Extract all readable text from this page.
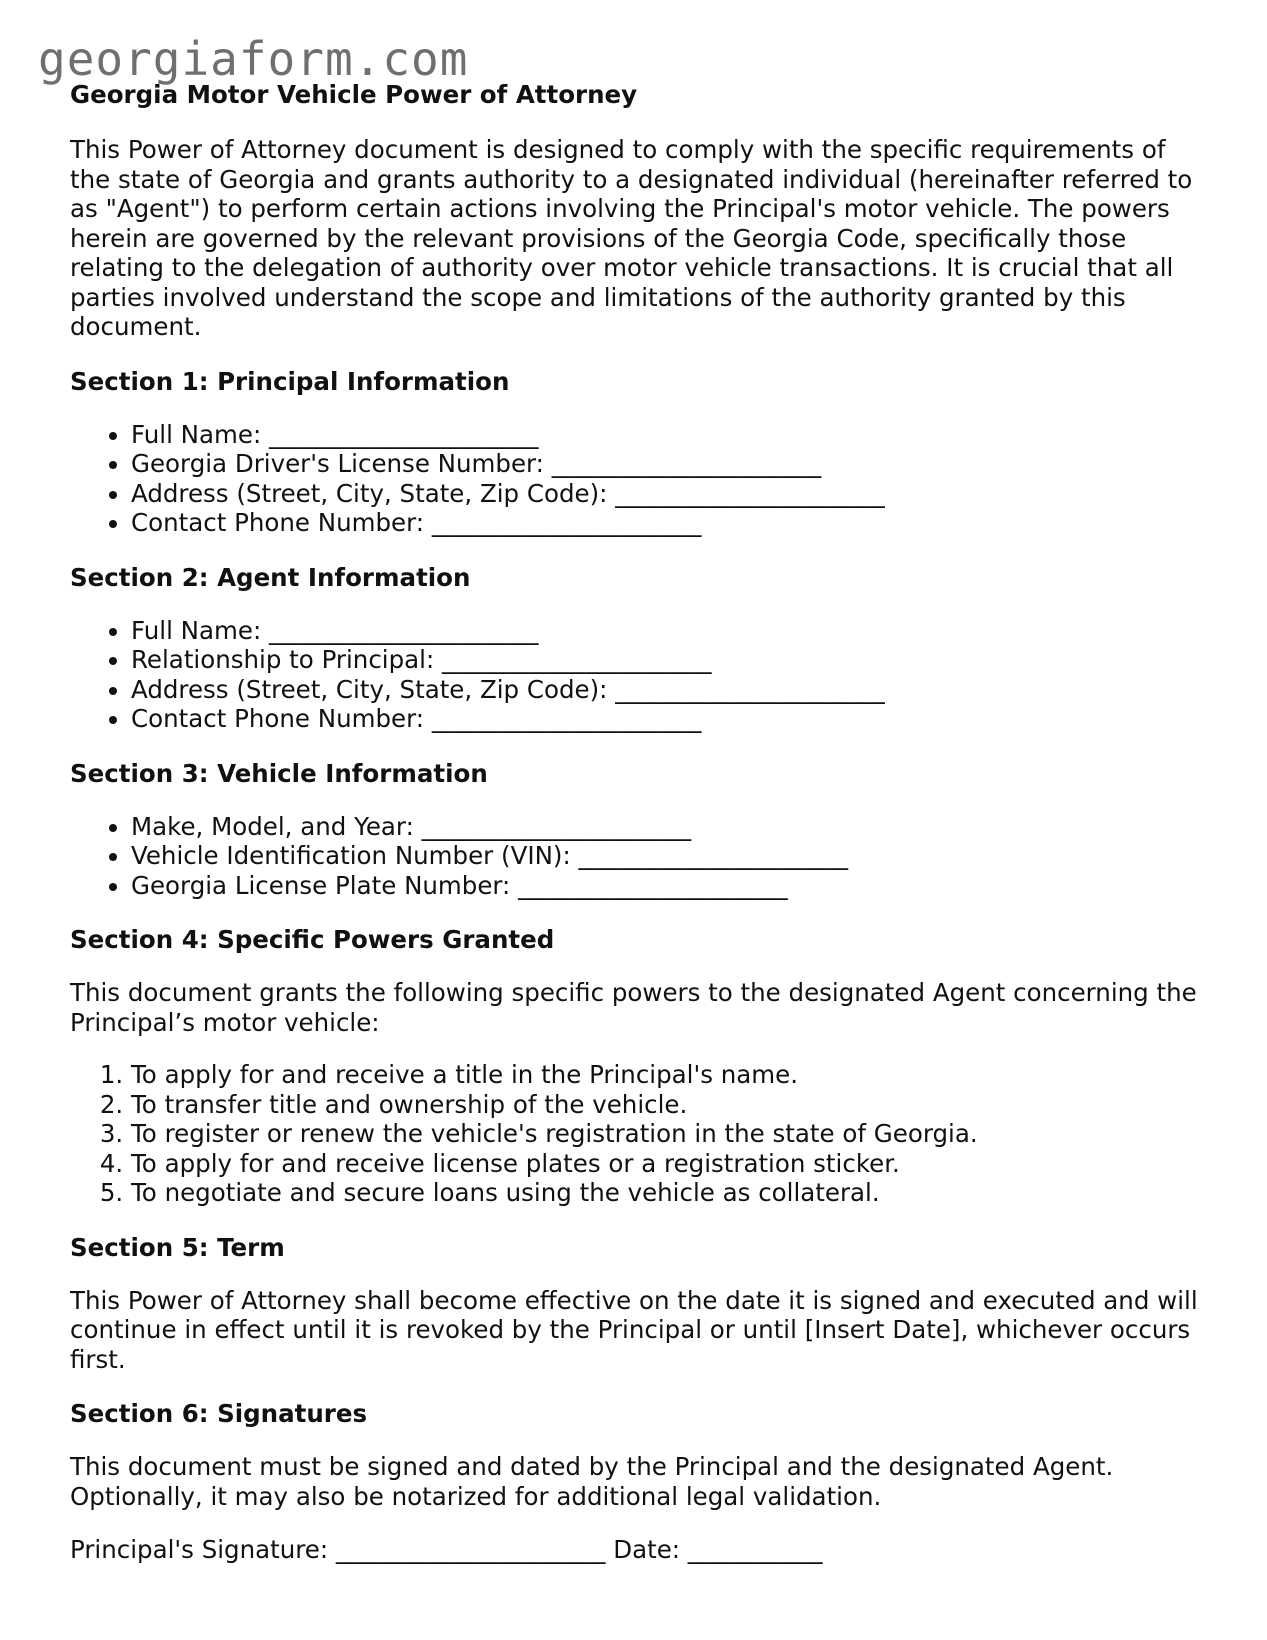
georgiaform.com
Georgia Motor Vehicle Power of Attorney

This Power of Attorney document is designed to comply with the specific requirements of the state of Georgia and grants authority to a designated individual (hereinafter referred to as "Agent") to perform certain actions involving the Principal's motor vehicle. The powers herein are governed by the relevant provisions of the Georgia Code, specifically those relating to the delegation of authority over motor vehicle transactions. It is crucial that all parties involved understand the scope and limitations of the authority granted by this document.

Section 1: Principal Information
• Full Name: ______________________
• Georgia Driver's License Number: ______________________
• Address (Street, City, State, Zip Code): ______________________
• Contact Phone Number: ______________________
Section 2: Agent Information
• Full Name: ______________________
• Relationship to Principal: ______________________
• Address (Street, City, State, Zip Code): ______________________
• Contact Phone Number: ______________________
Section 3: Vehicle Information
• Make, Model, and Year: ______________________
• Vehicle Identification Number (VIN): ______________________
• Georgia License Plate Number: ______________________
Section 4: Specific Powers Granted

This document grants the following specific powers to the designated Agent concerning the Principal’s motor vehicle:

1. To apply for and receive a title in the Principal's name.
2. To transfer title and ownership of the vehicle.
3. To register or renew the vehicle's registration in the state of Georgia.
4. To apply for and receive license plates or a registration sticker.
5. To negotiate and secure loans using the vehicle as collateral.
Section 5: Term

This Power of Attorney shall become effective on the date it is signed and executed and will continue in effect until it is revoked by the Principal or until [Insert Date], whichever occurs first.

Section 6: Signatures

This document must be signed and dated by the Principal and the designated Agent. Optionally, it may also be notarized for additional legal validation.

Principal's Signature: ______________________ Date: ___________
